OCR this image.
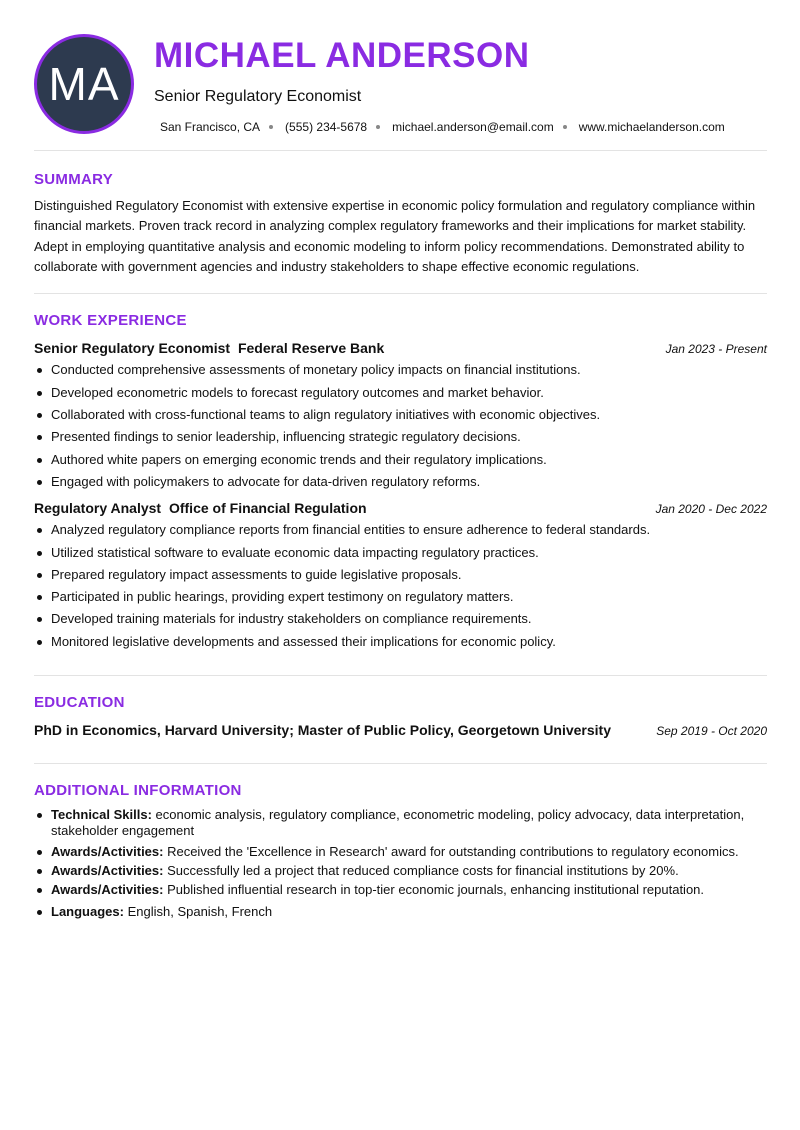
MA
MICHAEL ANDERSON
Senior Regulatory Economist
San Francisco, CA (555) 234-5678 michael.anderson@email.com www.michaelanderson.com
SUMMARY

Distinguished Regulatory Economist with extensive expertise in economic policy formulation and regulatory compliance within financial markets. Proven track record in analyzing complex regulatory frameworks and their implications for market stability. Adept in employing quantitative analysis and economic modeling to inform policy recommendations. Demonstrated ability to collaborate with government agencies and industry stakeholders to shape effective economic regulations.

WORK EXPERIENCE
Senior Regulatory Economist Federal Reserve Bank	Jan 2023 - Present
Conducted comprehensive assessments of monetary policy impacts on financial institutions.
Developed econometric models to forecast regulatory outcomes and market behavior.
Collaborated with cross-functional teams to align regulatory initiatives with economic objectives.
Presented findings to senior leadership, influencing strategic regulatory decisions.
Authored white papers on emerging economic trends and their regulatory implications.
Engaged with policymakers to advocate for data-driven regulatory reforms.
Regulatory Analyst Office of Financial Regulation	Jan 2020 - Dec 2022
Analyzed regulatory compliance reports from financial entities to ensure adherence to federal standards.
Utilized statistical software to evaluate economic data impacting regulatory practices.
Prepared regulatory impact assessments to guide legislative proposals.
Participated in public hearings, providing expert testimony on regulatory matters.
Developed training materials for industry stakeholders on compliance requirements.
Monitored legislative developments and assessed their implications for economic policy.
EDUCATION
PhD in Economics, Harvard University; Master of Public Policy, Georgetown University	Sep 2019 - Oct 2020
ADDITIONAL INFORMATION
Technical Skills: economic analysis, regulatory compliance, econometric modeling, policy advocacy, data interpretation, stakeholder engagement
Awards/Activities: Received the 'Excellence in Research' award for outstanding contributions to regulatory economics.
Awards/Activities: Successfully led a project that reduced compliance costs for financial institutions by 20%.
Awards/Activities: Published influential research in top-tier economic journals, enhancing institutional reputation.
Languages: English, Spanish, French
